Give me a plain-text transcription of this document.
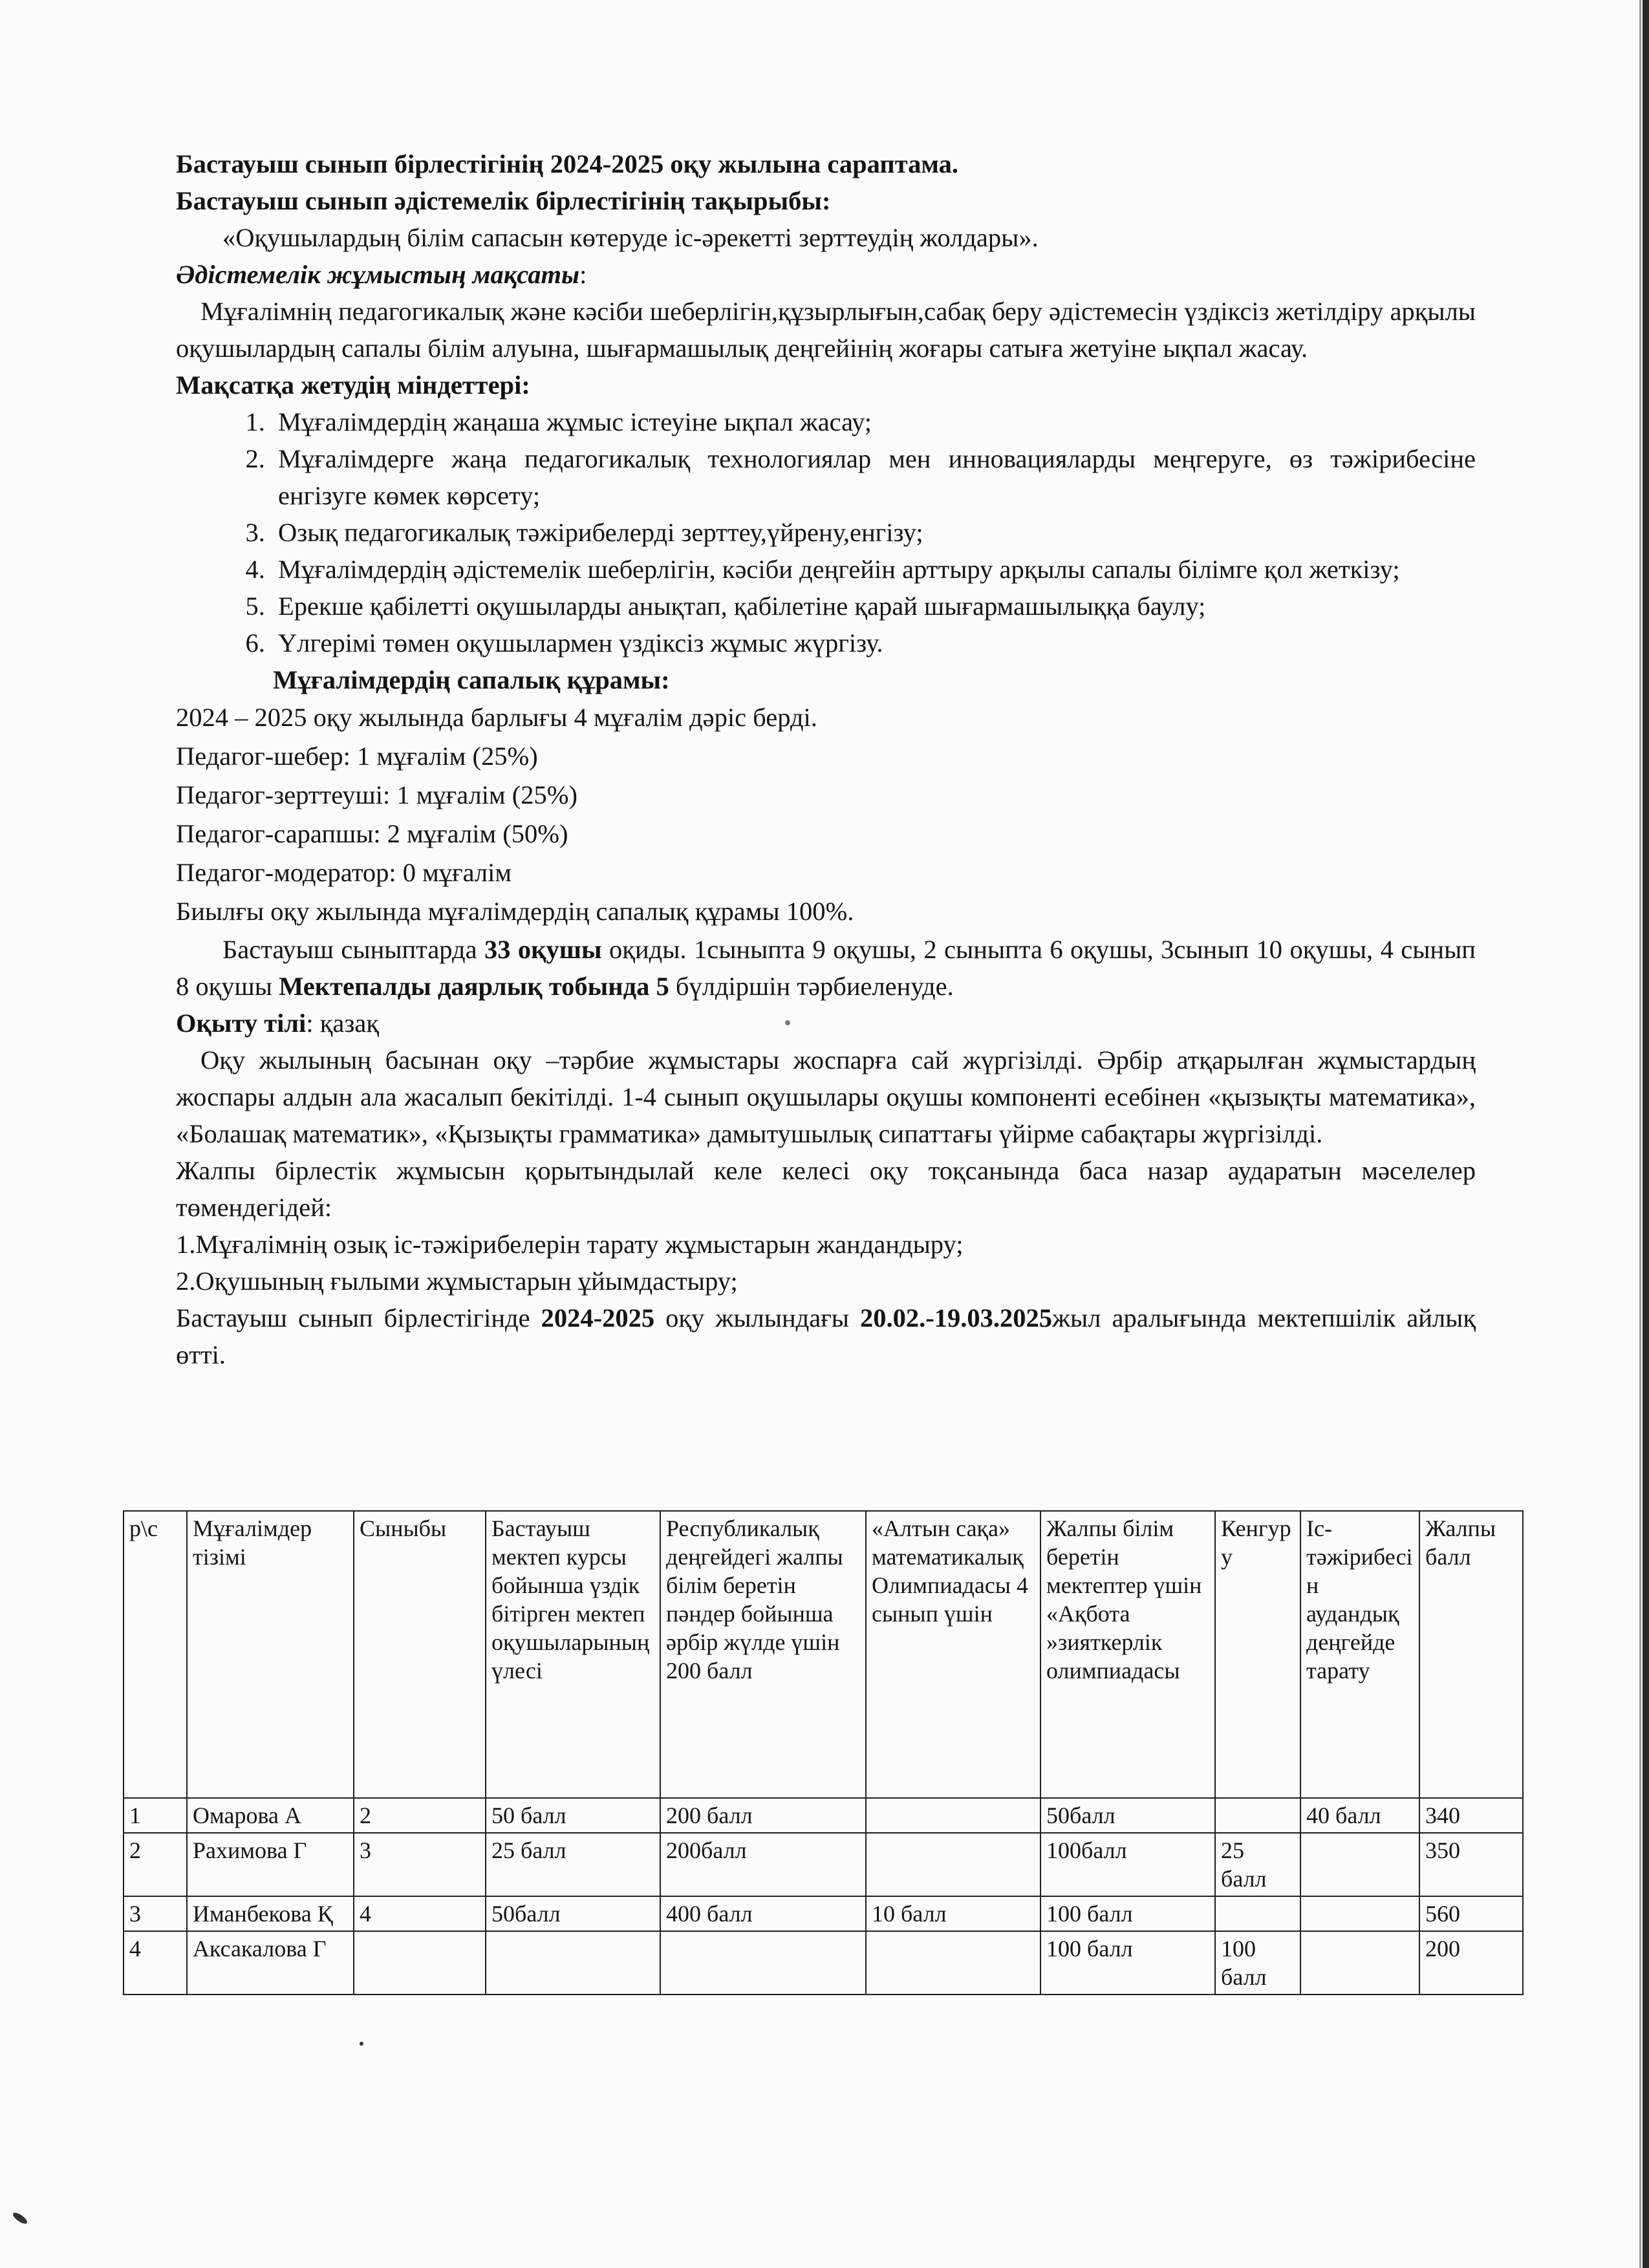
Бастауыш сынып бірлестігінің 2024-2025 оқу жылына сараптама.

Бастауыш сынып әдістемелік бірлестігінің тақырыбы:

«Оқушылардың білім сапасын көтеруде іс-әрекетті зерттеудің жолдары».

Әдістемелік жұмыстың мақсаты:

Мұғалімнің педагогикалық және кәсіби шеберлігін,құзырлығын,сабақ беру әдістемесін үздіксіз жетілдіру арқылы оқушылардың сапалы білім алуына, шығармашылық деңгейінің жоғары сатыға жетуіне ықпал жасау.

Мақсатқа жетудің міндеттері:

1. Мұғалімдердің жаңаша жұмыс істеуіне ықпал жасау;
2. Мұғалімдерге жаңа педагогикалық технологиялар мен инновацияларды меңгеруге, өз тәжірибесіне енгізуге көмек көрсету;
3. Озық педагогикалық тәжірибелерді зерттеу,үйрену,енгізу;
4. Мұғалімдердің әдістемелік шеберлігін, кәсіби деңгейін арттыру арқылы сапалы білімге қол жеткізу;
5. Ерекше қабілетті оқушыларды анықтап, қабілетіне қарай шығармашылыққа баулу;
6. Үлгерімі төмен оқушылармен үздіксіз жұмыс жүргізу.

Мұғалімдердің сапалық құрамы:

2024 – 2025 оқу жылында барлығы 4 мұғалім дәріс берді.

Педагог-шебер: 1 мұғалім (25%)

Педагог-зерттеуші: 1 мұғалім (25%)

Педагог-сарапшы: 2 мұғалім (50%)

Педагог-модератор: 0 мұғалім

Биылғы оқу жылында мұғалімдердің сапалық құрамы 100%.

Бастауыш сыныптарда 33 оқушы оқиды. 1сыныпта 9 оқушы, 2 сыныпта 6 оқушы, 3сынып 10 оқушы, 4 сынып 8 оқушы Мектепалды даярлық тобында 5 бүлдіршін тәрбиеленуде.

Оқыту тілі: қазақ

Оқу жылының басынан оқу –тәрбие жұмыстары жоспарға сай жүргізілді. Әрбір атқарылған жұмыстардың жоспары алдын ала жасалып бекітілді. 1-4 сынып оқушылары оқушы компоненті есебінен «қызықты математика», «Болашақ математик», «Қызықты грамматика» дамытушылық сипаттағы үйірме сабақтары жүргізілді.

Жалпы бірлестік жұмысын қорытындылай келе келесі оқу тоқсанында баса назар аударатын мәселелер төмендегідей:

1.Мұғалімнің озық іс-тәжірибелерін тарату жұмыстарын жандандыру;

2.Оқушының ғылыми жұмыстарын ұйымдастыру;

Бастауыш сынып бірлестігінде 2024-2025 оқу жылындағы 20.02.-19.03.2025жыл аралығында мектепшілік айлық өтті.

р\с	Мұғалімдер тізімі	Сыныбы	Бастауыш мектеп курсы бойынша үздік бітірген мектеп оқушыларының үлесі	Республикалық деңгейдегі жалпы білім беретін пәндер бойынша әрбір жүлде үшін 200 балл	«Алтын сақа» математикалық Олимпиадасы 4 сынып үшін	Жалпы білім беретін мектептер үшін «Ақбота »зияткерлік олимпиадасы	Кенгуру	Іс-тәжірибесін аудандық деңгейде тарату	Жалпы балл
1	Омарова А	2	50 балл	200 балл		50балл		40 балл	340
2	Рахимова Г	3	25 балл	200балл		100балл	25 балл		350
3	Иманбекова Қ	4	50балл	400 балл	10 балл	100 балл			560
4	Аксакалова Г					100 балл	100 балл		200
